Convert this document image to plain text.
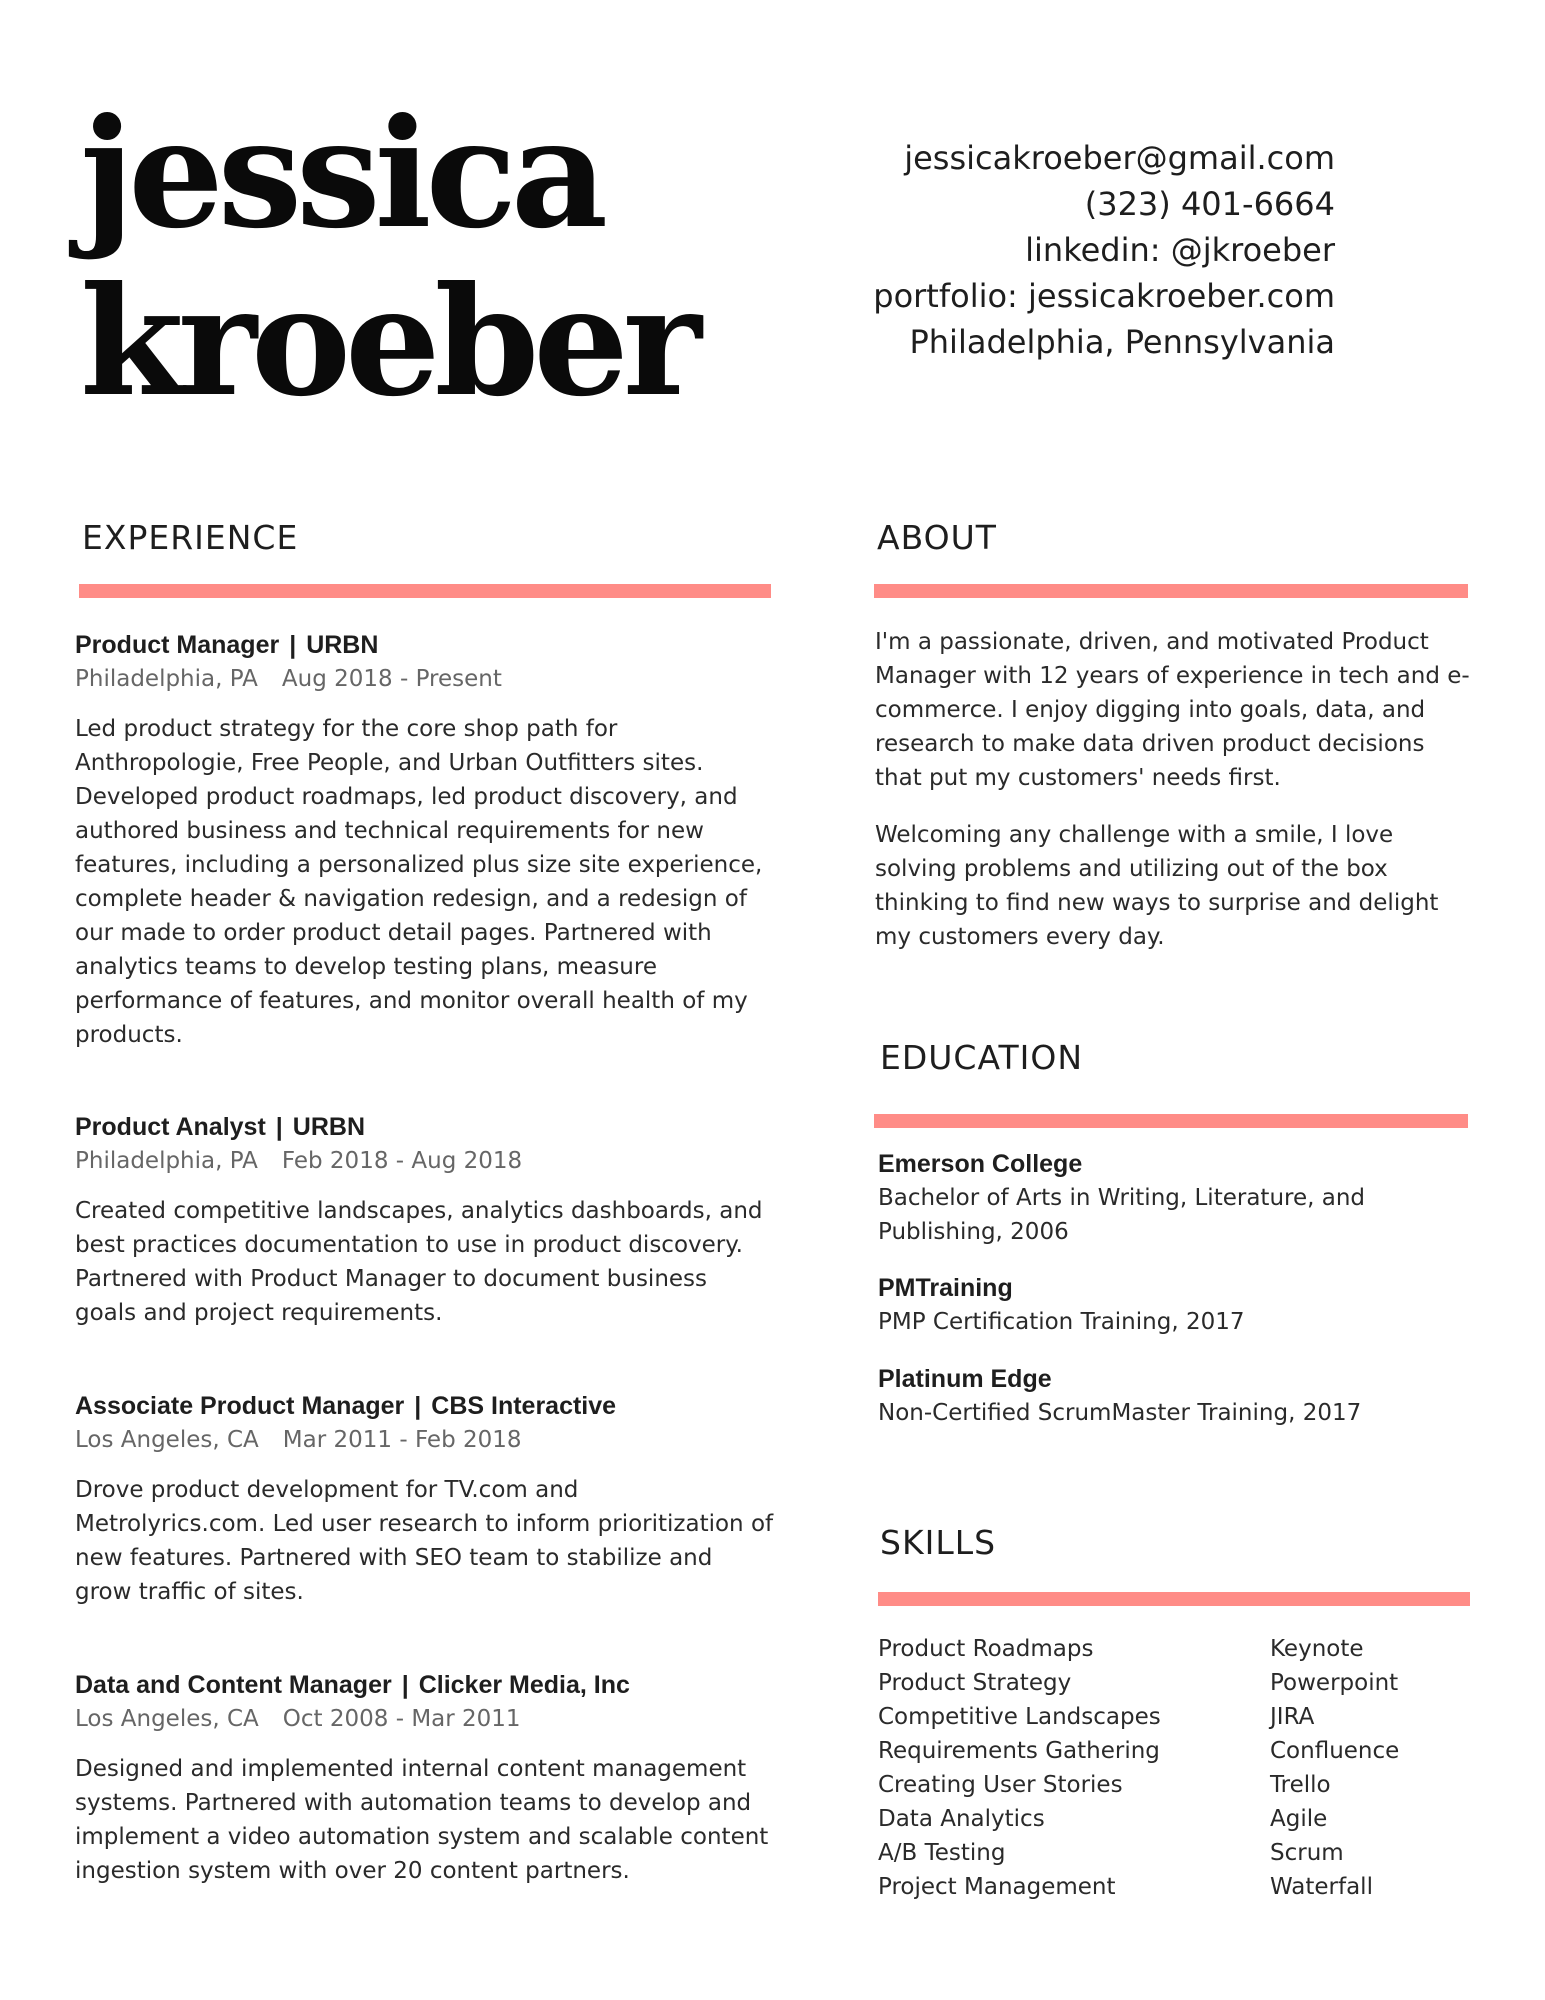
jessica
kroeber
jessicakroeber@gmail.com
(323) 401-6664
linkedin: @jkroeber
portfolio: jessicakroeber.com
Philadelphia, Pennsylvania
EXPERIENCE
Product Manager | URBN
Philadelphia, PA Aug 2018 - Present
Led product strategy for the core shop path for Anthropologie, Free People, and Urban Outfitters sites. Developed product roadmaps, led product discovery, and authored business and technical requirements for new features, including a personalized plus size site experience, complete header & navigation redesign, and a redesign of our made to order product detail pages. Partnered with analytics teams to develop testing plans, measure performance of features, and monitor overall health of my products.
Product Analyst | URBN
Philadelphia, PA Feb 2018 - Aug 2018
Created competitive landscapes, analytics dashboards, and best practices documentation to use in product discovery. Partnered with Product Manager to document business goals and project requirements.
Associate Product Manager | CBS Interactive
Los Angeles, CA Mar 2011 - Feb 2018
Drove product development for TV.com and Metrolyrics.com. Led user research to inform prioritization of new features. Partnered with SEO team to stabilize and grow traffic of sites.
Data and Content Manager | Clicker Media, Inc
Los Angeles, CA Oct 2008 - Mar 2011
Designed and implemented internal content management systems. Partnered with automation teams to develop and implement a video automation system and scalable content ingestion system with over 20 content partners.
ABOUT

I'm a passionate, driven, and motivated Product Manager with 12 years of experience in tech and e-commerce. I enjoy digging into goals, data, and research to make data driven product decisions that put my customers' needs first.

Welcoming any challenge with a smile, I love solving problems and utilizing out of the box thinking to find new ways to surprise and delight my customers every day.

EDUCATION
Emerson College
Bachelor of Arts in Writing, Literature, and Publishing, 2006
PMTraining
PMP Certification Training, 2017
Platinum Edge
Non-Certified ScrumMaster Training, 2017
SKILLS
Product Roadmaps
Product Strategy
Competitive Landscapes
Requirements Gathering
Creating User Stories
Data Analytics
A/B Testing
Project Management
Keynote
Powerpoint
JIRA
Confluence
Trello
Agile
Scrum
Waterfall
